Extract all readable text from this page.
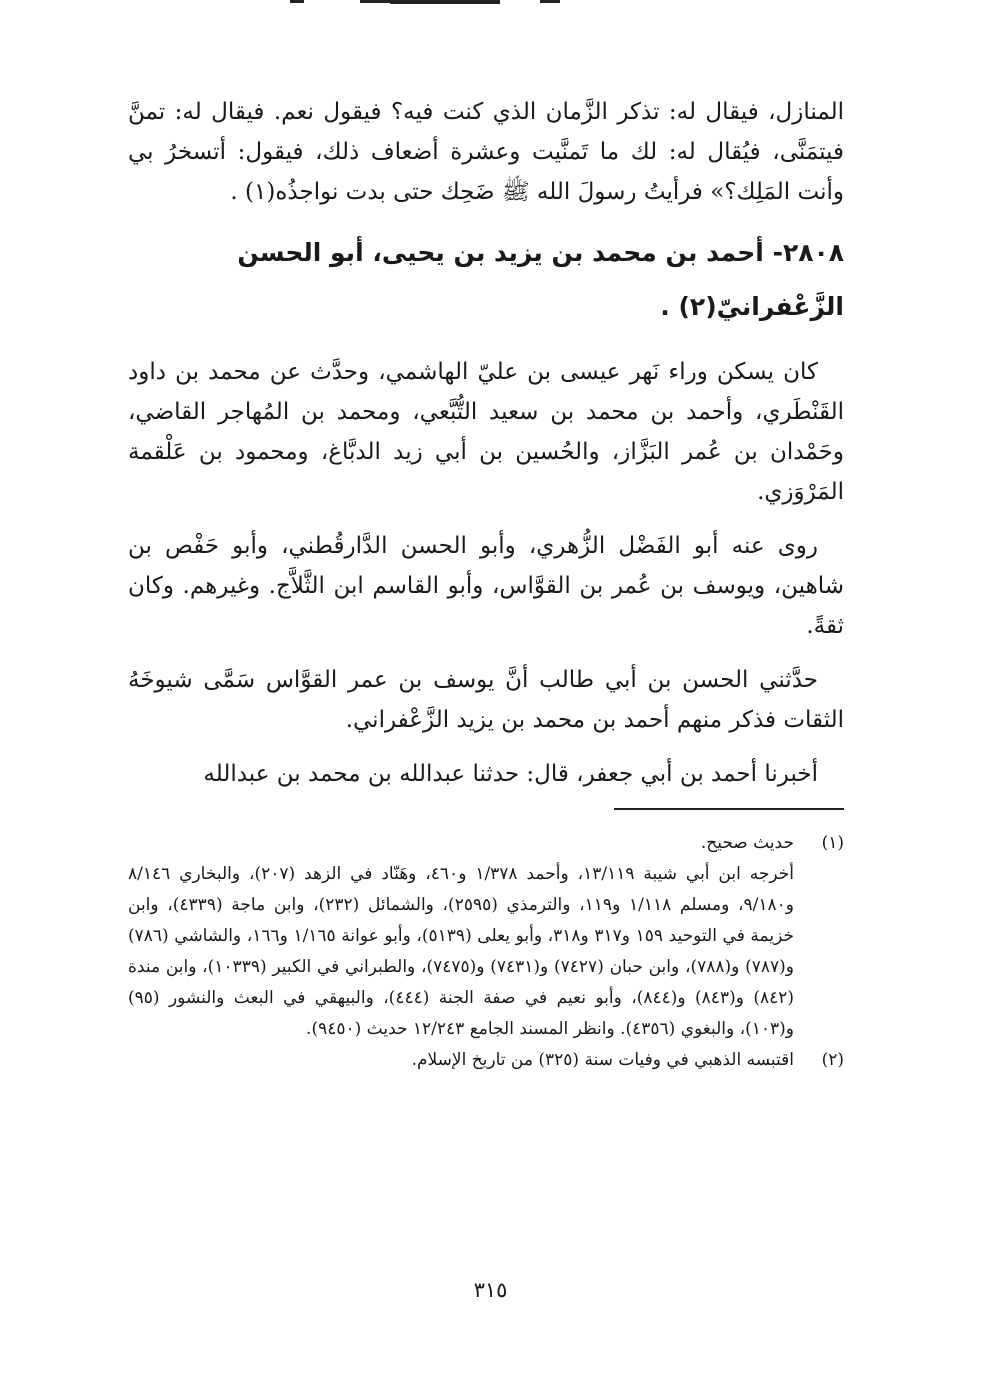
المنازل، فيقال له: تذكر الزَّمان الذي كنت فيه؟ فيقول نعم. فيقال له: تمنَّ فيتمَنَّى، فيُقال له: لك ما تَمنَّيت وعشرة أضعاف ذلك، فيقول: أتسخرُ بي وأنت المَلِك؟» فرأيتُ رسولَ الله ﷺ ضَحِك حتى بدت نواجذُه(١) .

٢٨٠٨- أحمد بن محمد بن يزيد بن يحيى، أبو الحسن الزَّعْفرانيّ(٢) .

كان يسكن وراء نَهر عيسى بن عليّ الهاشمي، وحدَّث عن محمد بن داود القَنْطَري، وأحمد بن محمد بن سعيد التُّبَّعي، ومحمد بن المُهاجر القاضي، وحَمْدان بن عُمر البَزَّاز، والحُسين بن أبي زيد الدبَّاغ، ومحمود بن عَلْقمة المَرْوَزي.

روى عنه أبو الفَضْل الزُّهري، وأبو الحسن الدَّارقُطني، وأبو حَفْص بن شاهين، ويوسف بن عُمر بن القوَّاس، وأبو القاسم ابن الثَّلاَّج. وغيرهم. وكان ثقةً.

حدَّثني الحسن بن أبي طالب أنَّ يوسف بن عمر القوَّاس سَمَّى شيوخَهُ الثقات فذكر منهم أحمد بن محمد بن يزيد الزَّعْفراني.

أخبرنا أحمد بن أبي جعفر، قال: حدثنا عبدالله بن محمد بن عبدالله

(١)
حديث صحيح.
أخرجه ابن أبي شيبة ١٣/١١٩، وأحمد ١/٣٧٨ و٤٦٠، وهَنّاد في الزهد (٢٠٧)، والبخاري ٨/١٤٦ و٩/١٨٠، ومسلم ١/١١٨ و١١٩، والترمذي (٢٥٩٥)، والشمائل (٢٣٢)، وابن ماجة (٤٣٣٩)، وابن خزيمة في التوحيد ١٥٩ و٣١٧ و٣١٨، وأبو يعلى (٥١٣٩)، وأبو عوانة ١/١٦٥ و١٦٦، والشاشي (٧٨٦) و(٧٨٧) و(٧٨٨)، وابن حبان (٧٤٢٧) و(٧٤٣١) و(٧٤٧٥)، والطبراني في الكبير (١٠٣٣٩)، وابن مندة (٨٤٢) و(٨٤٣) و(٨٤٤)، وأبو نعيم في صفة الجنة (٤٤٤)، والبيهقي في البعث والنشور (٩٥) و(١٠٣)، والبغوي (٤٣٥٦). وانظر المسند الجامع ١٢/٢٤٣ حديث (٩٤٥٠).
(٢)
اقتبسه الذهبي في وفيات سنة (٣٢٥) من تاريخ الإسلام.
٣١٥
